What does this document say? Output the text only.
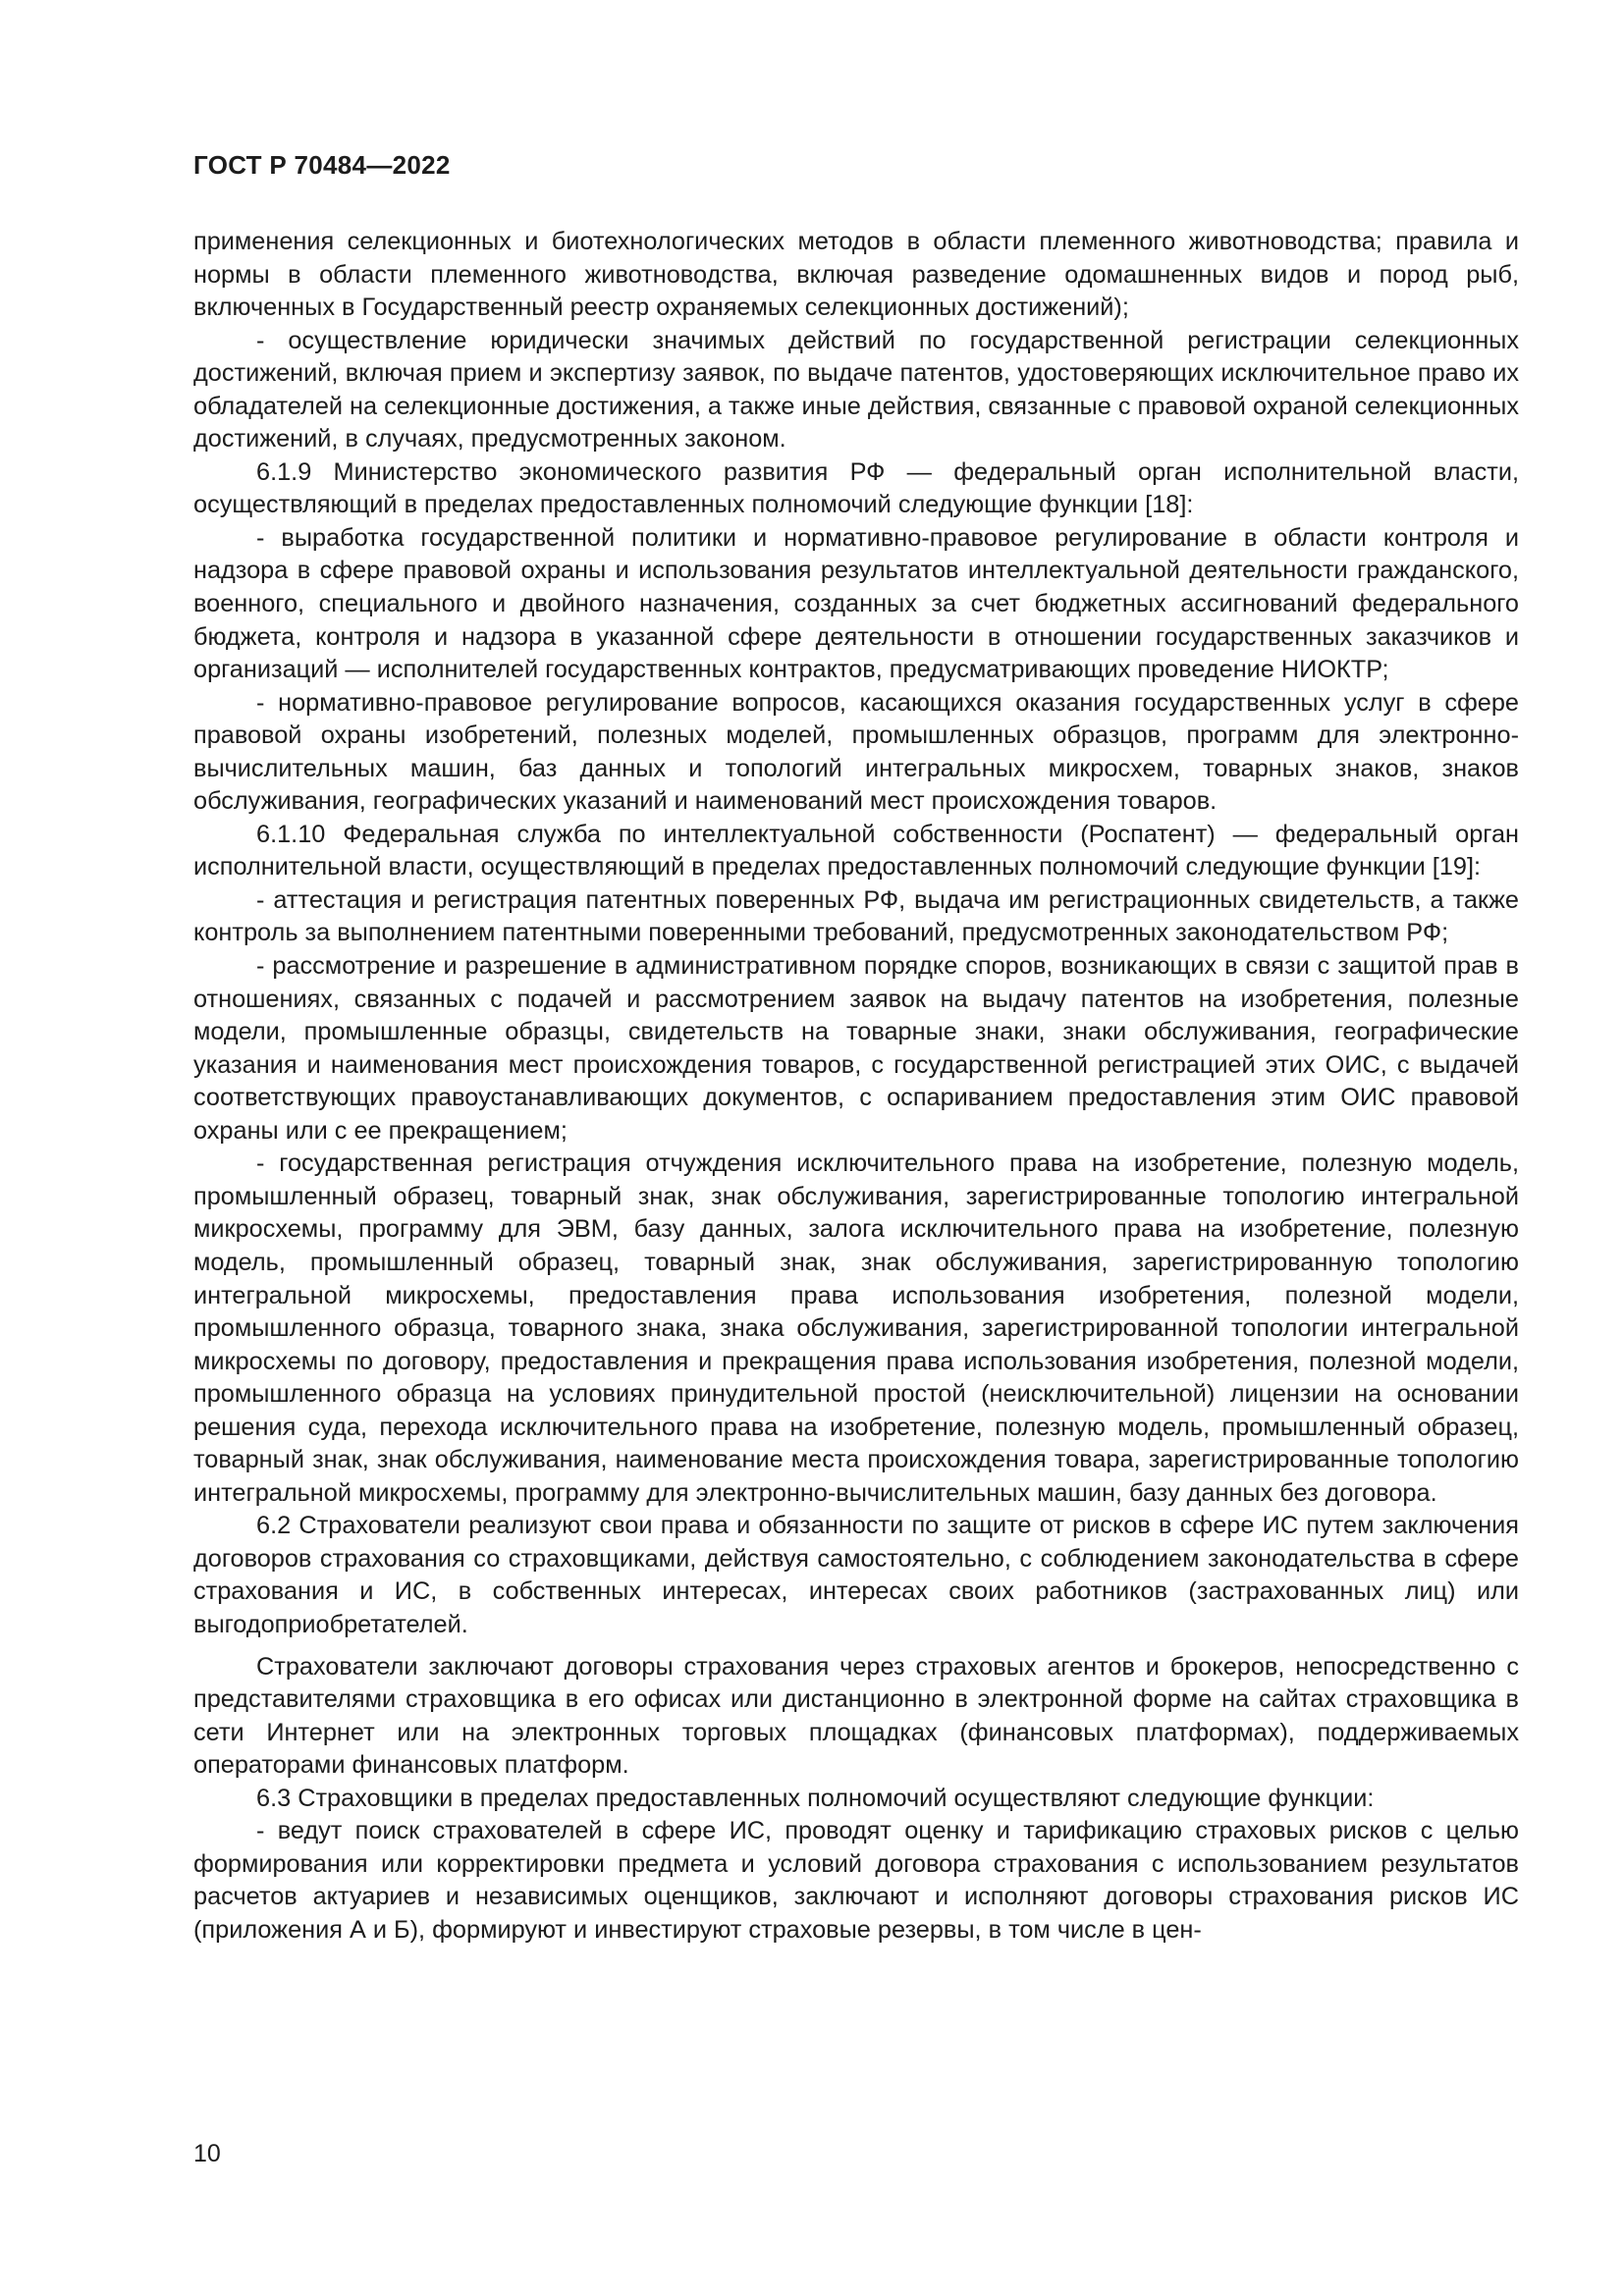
ГОСТ Р 70484—2022

применения селекционных и биотехнологических методов в области племенного животноводства; правила и нормы в области племенного животноводства, включая разведение одомашненных видов и пород рыб, включенных в Государственный реестр охраняемых селекционных достижений);

- осуществление юридически значимых действий по государственной регистрации селекционных достижений, включая прием и экспертизу заявок, по выдаче патентов, удостоверяющих исключительное право их обладателей на селекционные достижения, а также иные действия, связанные с правовой охраной селекционных достижений, в случаях, предусмотренных законом.

6.1.9 Министерство экономического развития РФ — федеральный орган исполнительной власти, осуществляющий в пределах предоставленных полномочий следующие функции [18]:

- выработка государственной политики и нормативно-правовое регулирование в области контроля и надзора в сфере правовой охраны и использования результатов интеллектуальной деятельности гражданского, военного, специального и двойного назначения, созданных за счет бюджетных ассигнований федерального бюджета, контроля и надзора в указанной сфере деятельности в отношении государственных заказчиков и организаций — исполнителей государственных контрактов, предусматривающих проведение НИОКТР;

- нормативно-правовое регулирование вопросов, касающихся оказания государственных услуг в сфере правовой охраны изобретений, полезных моделей, промышленных образцов, программ для электронно-вычислительных машин, баз данных и топологий интегральных микросхем, товарных знаков, знаков обслуживания, географических указаний и наименований мест происхождения товаров.

6.1.10 Федеральная служба по интеллектуальной собственности (Роспатент) — федеральный орган исполнительной власти, осуществляющий в пределах предоставленных полномочий следующие функции [19]:

- аттестация и регистрация патентных поверенных РФ, выдача им регистрационных свидетельств, а также контроль за выполнением патентными поверенными требований, предусмотренных законодательством РФ;

- рассмотрение и разрешение в административном порядке споров, возникающих в связи с защитой прав в отношениях, связанных с подачей и рассмотрением заявок на выдачу патентов на изобретения, полезные модели, промышленные образцы, свидетельств на товарные знаки, знаки обслуживания, географические указания и наименования мест происхождения товаров, с государственной регистрацией этих ОИС, с выдачей соответствующих правоустанавливающих документов, с оспариванием предоставления этим ОИС правовой охраны или с ее прекращением;

- государственная регистрация отчуждения исключительного права на изобретение, полезную модель, промышленный образец, товарный знак, знак обслуживания, зарегистрированные топологию интегральной микросхемы, программу для ЭВМ, базу данных, залога исключительного права на изобретение, полезную модель, промышленный образец, товарный знак, знак обслуживания, зарегистрированную топологию интегральной микросхемы, предоставления права использования изобретения, полезной модели, промышленного образца, товарного знака, знака обслуживания, зарегистрированной топологии интегральной микросхемы по договору, предоставления и прекращения права использования изобретения, полезной модели, промышленного образца на условиях принудительной простой (неисключительной) лицензии на основании решения суда, перехода исключительного права на изобретение, полезную модель, промышленный образец, товарный знак, знак обслуживания, наименование места происхождения товара, зарегистрированные топологию интегральной микросхемы, программу для электронно-вычислительных машин, базу данных без договора.

6.2 Страхователи реализуют свои права и обязанности по защите от рисков в сфере ИС путем заключения договоров страхования со страховщиками, действуя самостоятельно, с соблюдением законодательства в сфере страхования и ИС, в собственных интересах, интересах своих работников (застрахованных лиц) или выгодоприобретателей.

Страхователи заключают договоры страхования через страховых агентов и брокеров, непосредственно с представителями страховщика в его офисах или дистанционно в электронной форме на сайтах страховщика в сети Интернет или на электронных торговых площадках (финансовых платформах), поддерживаемых операторами финансовых платформ.

6.3 Страховщики в пределах предоставленных полномочий осуществляют следующие функции:

- ведут поиск страхователей в сфере ИС, проводят оценку и тарификацию страховых рисков с целью формирования или корректировки предмета и условий договора страхования с использованием результатов расчетов актуариев и независимых оценщиков, заключают и исполняют договоры страхования рисков ИС (приложения А и Б), формируют и инвестируют страховые резервы, в том числе в цен-

10
